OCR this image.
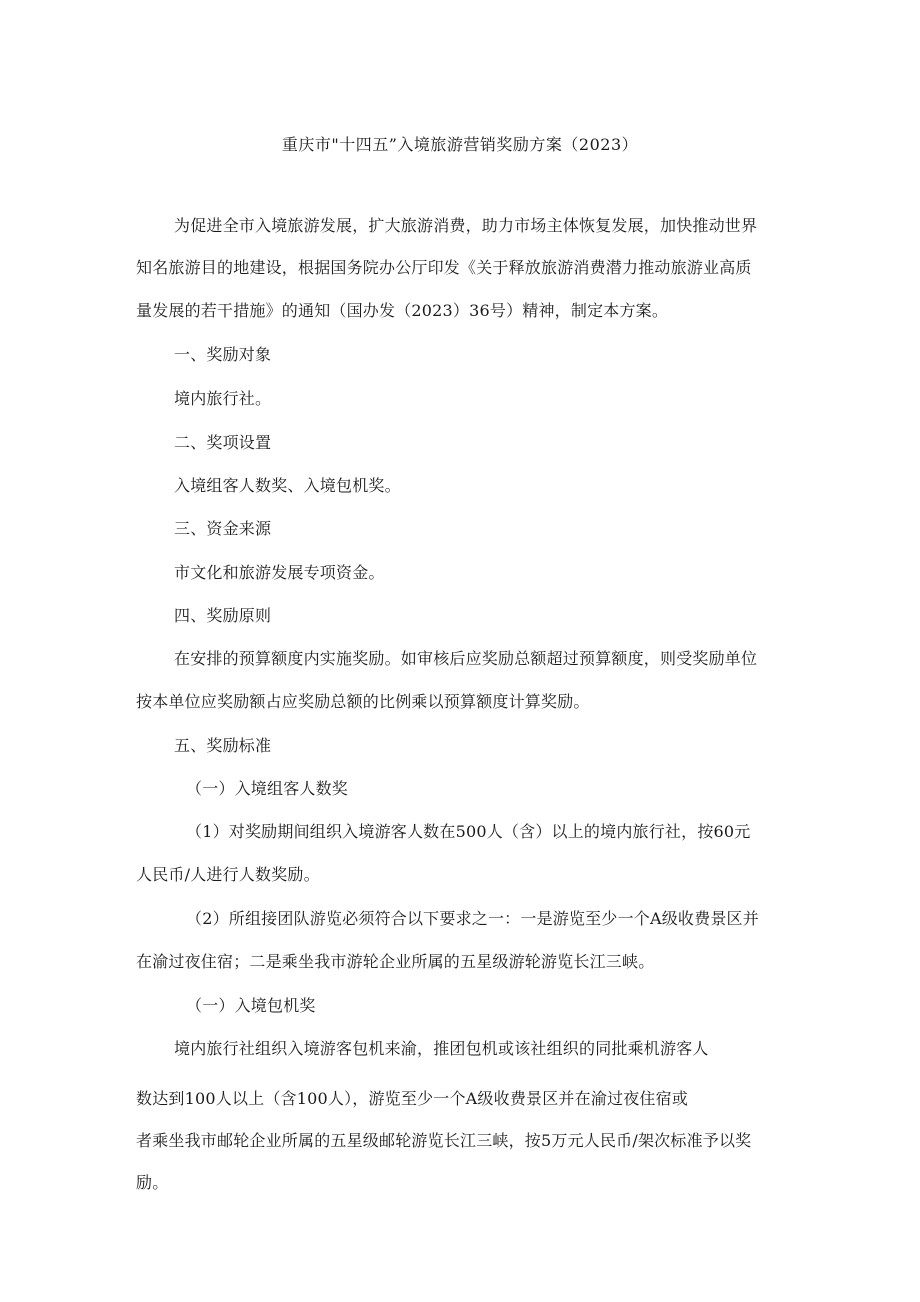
重庆市"十四五”入境旅游营销奖励方案（2023）
为促进全市入境旅游发展，扩大旅游消费，助力市场主体恢复发展，加快推动世界
知名旅游目的地建设，根据国务院办公厅印发《关于释放旅游消费潜力推动旅游业高质
量发展的若干措施》的通知（国办发（2023）36号）精神，制定本方案。
一、奖励对象
境内旅行社。
二、奖项设置
入境组客人数奖、入境包机奖。
三、资金来源
市文化和旅游发展专项资金。
四、奖励原则
在安排的预算额度内实施奖励。如审核后应奖励总额超过预算额度，则受奖励单位
按本单位应奖励额占应奖励总额的比例乘以预算额度计算奖励。
五、奖励标准
（一）入境组客人数奖
（1）对奖励期间组织入境游客人数在500人（含）以上的境内旅行社，按60元
人民币/人进行人数奖励。
（2）所组接团队游览必须符合以下要求之一：一是游览至少一个A级收费景区并
在渝过夜住宿；二是乘坐我市游轮企业所属的五星级游轮游览长江三峡。
（一）入境包机奖
境内旅行社组织入境游客包机来渝，推团包机或该社组织的同批乘机游客人
数达到100人以上（含100人），游览至少一个A级收费景区并在渝过夜住宿或
者乘坐我市邮轮企业所属的五星级邮轮游览长江三峡，按5万元人民币/架次标准予以奖
励。
